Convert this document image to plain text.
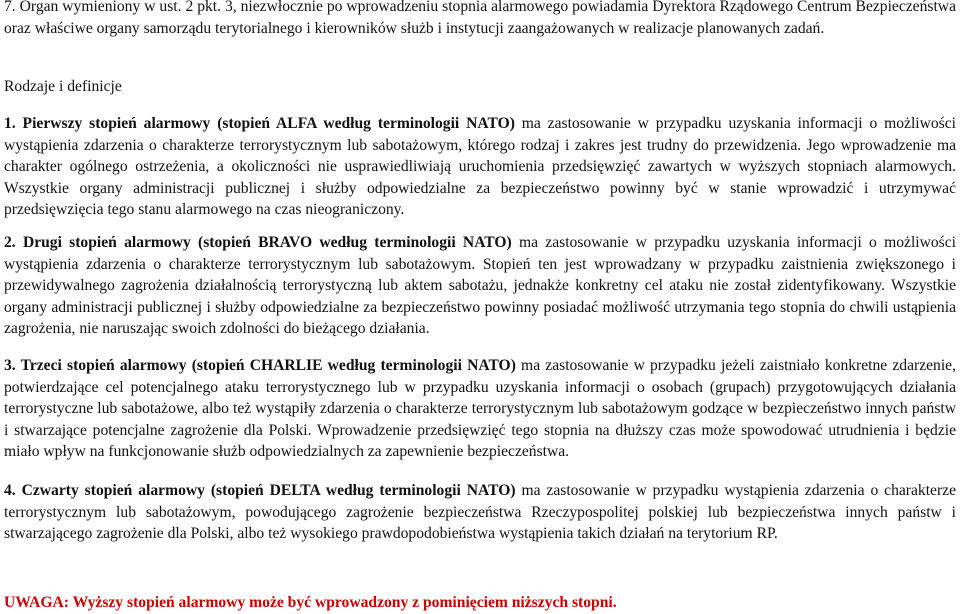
7. Organ wymieniony w ust. 2 pkt. 3, niezwłocznie po wprowadzeniu stopnia alarmowego powiadamia Dyrektora Rządowego Centrum Bezpieczeństwa oraz właściwe organy samorządu terytorialnego i kierowników służb i instytucji zaangażowanych w realizacje planowanych zadań.

Rodzaje i definicje

1. Pierwszy stopień alarmowy (stopień ALFA według terminologii NATO) ma zastosowanie w przypadku uzyskania informacji o możliwości wystąpienia zdarzenia o charakterze terrorystycznym lub sabotażowym, którego rodzaj i zakres jest trudny do przewidzenia. Jego wprowadzenie ma charakter ogólnego ostrzeżenia, a okoliczności nie usprawiedliwiają uruchomienia przedsięwzięć zawartych w wyższych stopniach alarmowych. Wszystkie organy administracji publicznej i służby odpowiedzialne za bezpieczeństwo powinny być w stanie wprowadzić i utrzymywać przedsięwzięcia tego stanu alarmowego na czas nieograniczony.

2. Drugi stopień alarmowy (stopień BRAVO według terminologii NATO) ma zastosowanie w przypadku uzyskania informacji o możliwości wystąpienia zdarzenia o charakterze terrorystycznym lub sabotażowym. Stopień ten jest wprowadzany w przypadku zaistnienia zwiększonego i przewidywalnego zagrożenia działalnością terrorystyczną lub aktem sabotażu, jednakże konkretny cel ataku nie został zidentyfikowany. Wszystkie organy administracji publicznej i służby odpowiedzialne za bezpieczeństwo powinny posiadać możliwość utrzymania tego stopnia do chwili ustąpienia zagrożenia, nie naruszając swoich zdolności do bieżącego działania.

3. Trzeci stopień alarmowy (stopień CHARLIE według terminologii NATO) ma zastosowanie w przypadku jeżeli zaistniało konkretne zdarzenie, potwierdzające cel potencjalnego ataku terrorystycznego lub w przypadku uzyskania informacji o osobach (grupach) przygotowujących działania terrorystyczne lub sabotażowe, albo też wystąpiły zdarzenia o charakterze terrorystycznym lub sabotażowym godzące w bezpieczeństwo innych państw i stwarzające potencjalne zagrożenie dla Polski. Wprowadzenie przedsięwzięć tego stopnia na dłuższy czas może spowodować utrudnienia i będzie miało wpływ na funkcjonowanie służb odpowiedzialnych za zapewnienie bezpieczeństwa.

4. Czwarty stopień alarmowy (stopień DELTA według terminologii NATO) ma zastosowanie w przypadku wystąpienia zdarzenia o charakterze terrorystycznym lub sabotażowym, powodującego zagrożenie bezpieczeństwa Rzeczypospolitej polskiej lub bezpieczeństwa innych państw i stwarzającego zagrożenie dla Polski, albo też wysokiego prawdopodobieństwa wystąpienia takich działań na terytorium RP.

UWAGA: Wyższy stopień alarmowy może być wprowadzony z pominięciem niższych stopni.
